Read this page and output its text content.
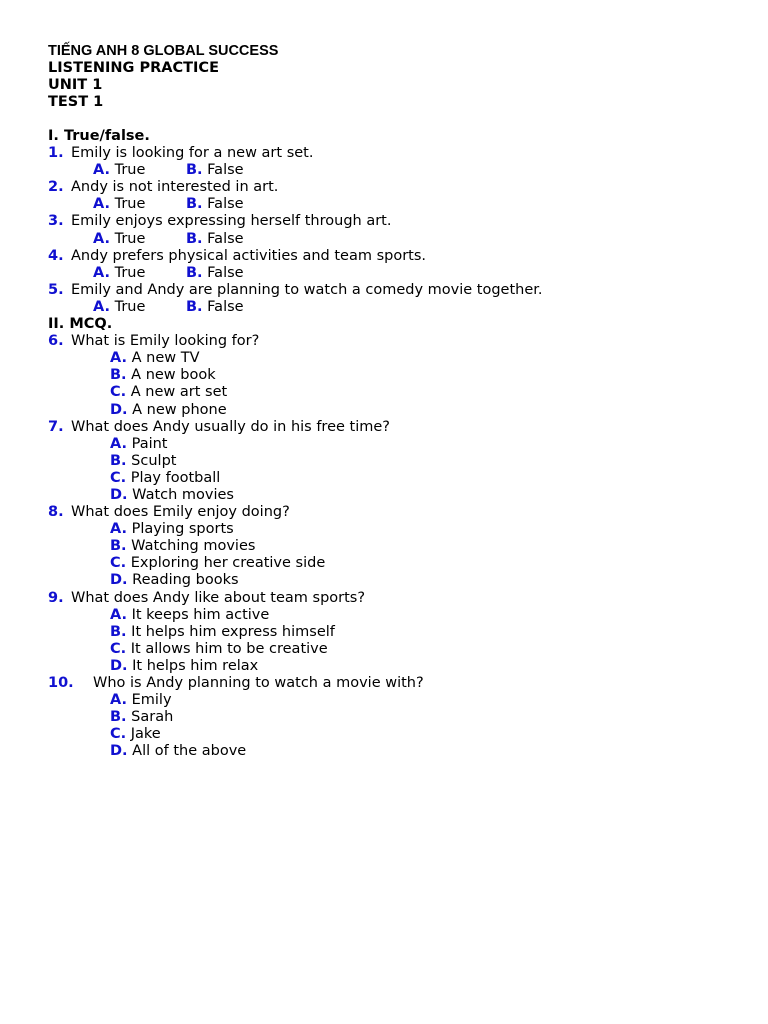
TIẾNG ANH 8 GLOBAL SUCCESS
LISTENING PRACTICE
UNIT 1
TEST 1
I. True/false.
1. Emily is looking for a new art set.
A. True	B. False
2. Andy is not interested in art.
A. True	B. False
3. Emily enjoys expressing herself through art.
A. True	B. False
4. Andy prefers physical activities and team sports.
A. True	B. False
5. Emily and Andy are planning to watch a comedy movie together.
A. True	B. False
II. MCQ.
6. What is Emily looking for?
A. A new TV
B. A new book
C. A new art set
D. A new phone
7. What does Andy usually do in his free time?
A. Paint
B. Sculpt
C. Play football
D. Watch movies
8. What does Emily enjoy doing?
A. Playing sports
B. Watching movies
C. Exploring her creative side
D. Reading books
9. What does Andy like about team sports?
A. It keeps him active
B. It helps him express himself
C. It allows him to be creative
D. It helps him relax
10. Who is Andy planning to watch a movie with?
A. Emily
B. Sarah
C. Jake
D. All of the above
